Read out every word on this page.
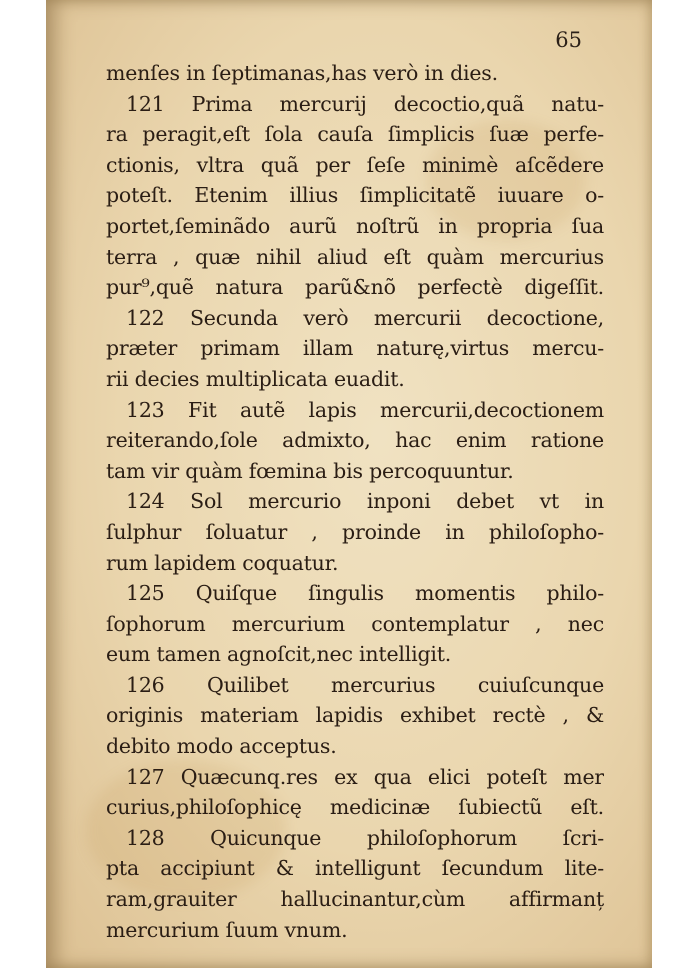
65
menſes in ſeptimanas,has verò in dies.
121 Prima mercurij decoctio,quã natu-
ra peragit,eſt ſola cauſa ſimplicis ſuæ perfe-
ctionis, vltra quã per ſeſe minimè aſcẽdere
poteſt. Etenim illius ſimplicitatẽ iuuare o-
portet,ſeminãdo aurũ noſtrũ in propria ſua
terra , quæ nihil aliud eſt quàm mercurius
pur⁹,quẽ natura parũ&nõ perfectè digeſſit.
122 Secunda verò mercurii decoctione,
præter primam illam naturę,virtus mercu-
rii decies multiplicata euadit.
123 Fit autẽ lapis mercurii,decoctionem
reiterando,ſole admixto, hac enim ratione
tam vir quàm fœmina bis percoquuntur.
124 Sol mercurio inponi debet vt in
ſulphur ſoluatur , proinde in philoſopho-
rum lapidem coquatur.
125 Quiſque ſingulis momentis philo-
ſophorum mercurium contemplatur , nec
eum tamen agnoſcit,nec intelligit.
126 Quilibet mercurius cuiuſcunque
originis materiam lapidis exhibet rectè , &
debito modo acceptus.
127 Quæcunq.res ex qua elici poteſt mer
curius,philoſophicę medicinæ ſubiectũ eſt.
128 Quicunque philoſophorum ſcri-
pta accipiunt & intelligunt ſecundum lite-
ram,grauiter hallucinantur,cùm affirmanț
mercurium ſuum vnum.
